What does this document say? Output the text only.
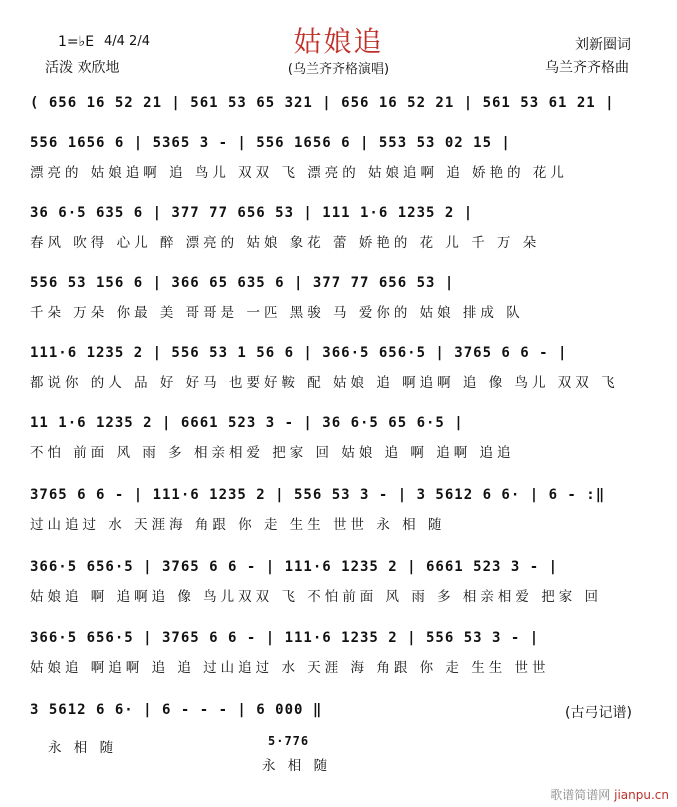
姑娘追
1=♭E 4/4 2/4
活泼 欢欣地	(乌兰齐齐格演唱)
刘新圈词
乌兰齐齐格曲
( 656 16 52 21 | 561 53 65 321 | 656 16 52 21 | 561 53 61 21 |
556 1656 6 | 5365 3 - | 556 1656 6 | 553 53 02 15 |
漂亮的 姑娘追啊 追 鸟儿 双双 飞 漂亮的 姑娘追啊 追 娇艳的 花儿
36 6·5 635 6 | 377 77 656 53 | 111 1·6 1235 2 |
春风 吹得 心儿 醉 漂亮的 姑娘 象花 蕾 娇艳的 花 儿 千 万 朵
556 53 156 6 | 366 65 635 6 | 377 77 656 53 |
千朵 万朵 你最 美 哥哥是 一匹 黑骏 马 爱你的 姑娘 排成 队
111·6 1235 2 | 556 53 1 56 6 | 366·5 656·5 | 3765 6 6 - |
都说你 的人 品 好 好马 也要好鞍 配 姑娘 追 啊追啊 追 像 鸟儿 双双 飞
11 1·6 1235 2 | 6661 523 3 - | 36 6·5 65 6·5 |
不怕 前面 风 雨 多 相亲相爱 把家 回 姑娘 追 啊 追啊 追追
3765 6 6 - | 111·6 1235 2 | 556 53 3 - | 3 5612 6 6· | 6 - :‖
过山追过 水 天涯海 角跟 你 走 生生 世世 永 相 随
366·5 656·5 | 3765 6 6 - | 111·6 1235 2 | 6661 523 3 - |
姑娘追 啊 追啊追 像 鸟儿双双 飞 不怕前面 风 雨 多 相亲相爱 把家 回
366·5 656·5 | 3765 6 6 - | 111·6 1235 2 | 556 53 3 - |
姑娘追 啊追啊 追 追 过山追过 水 天涯 海 角跟 你 走 生生 世世
3 5612 6 6· | 6 - - - | 6 000 ‖
永 相 随	5·776
永 相 随
(古弓记谱)
歌谱简谱网 jianpu.cn
